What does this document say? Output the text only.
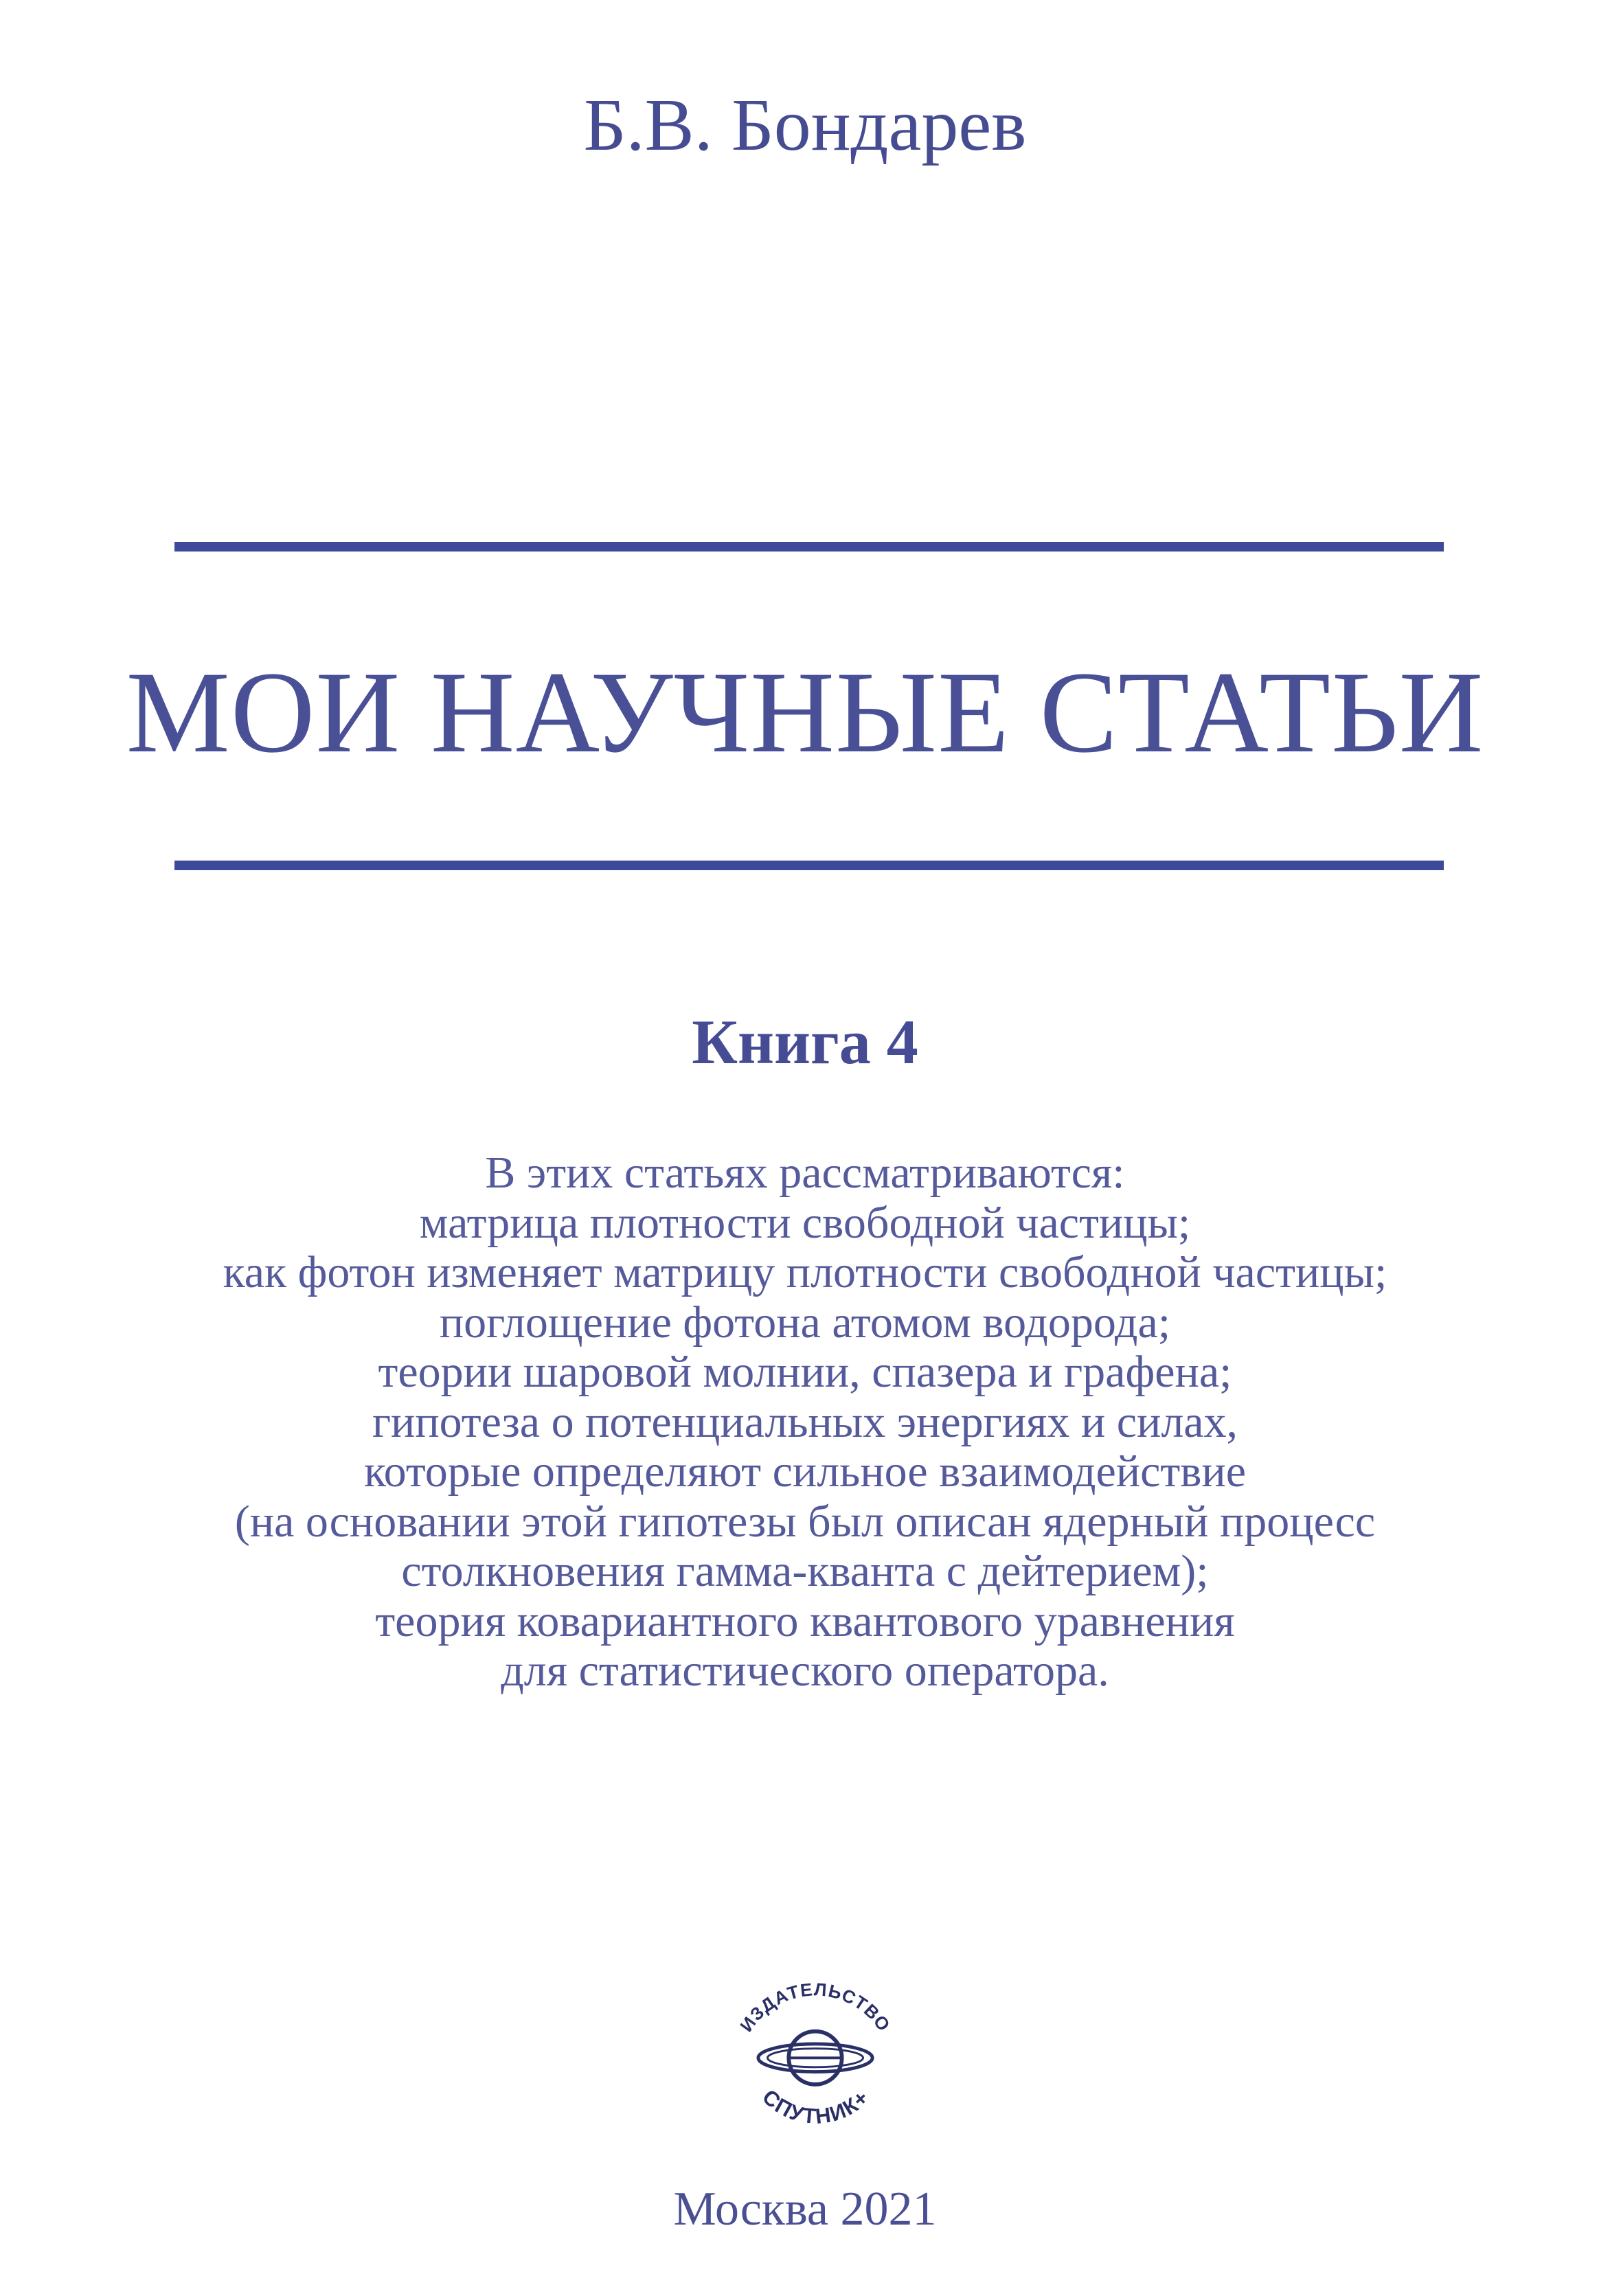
Б.В. Бондарев
МОИ НАУЧНЫЕ СТАТЬИ
Книга 4
В этих статьях рассматриваются:
матрица плотности свободной частицы;
как фотон изменяет матрицу плотности свободной частицы;
поглощение фотона атомом водорода;
теории шаровой молнии, спазера и графена;
гипотеза о потенциальных энергиях и силах,
которые определяют сильное взаимодействие
(на основании этой гипотезы был описан ядерный процесс
столкновения гамма-кванта с дейтерием);
теория ковариантного квантового уравнения
для статистического оператора.
ИЗДАТЕЛЬСТВО
СПУТНИК+
Москва 2021
